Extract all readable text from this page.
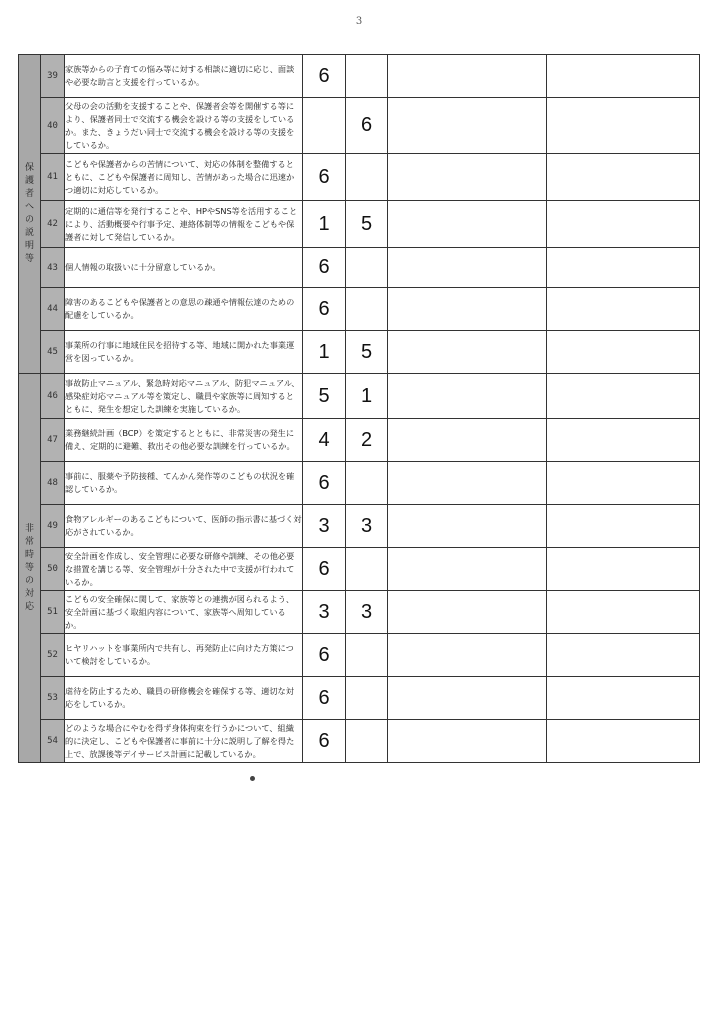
3
保護者への説明等	39	家族等からの子育ての悩み等に対する相談に適切に応じ、面談や必要な助言と支援を行っているか。	6			
	40	父母の会の活動を支援することや、保護者会等を開催する等により、保護者同士で交流する機会を設ける等の支援をしているか。また、きょうだい同士で交流する機会を設ける等の支援をしているか。		6		
	41	こどもや保護者からの苦情について、対応の体制を整備するとともに、こどもや保護者に周知し、苦情があった場合に迅速かつ適切に対応しているか。	6			
	42	定期的に通信等を発行することや、HPやSNS等を活用することにより、活動概要や行事予定、連絡体制等の情報をこどもや保護者に対して発信しているか。	1	5		
	43	個人情報の取扱いに十分留意しているか。	6			
	44	障害のあるこどもや保護者との意思の疎通や情報伝達のための配慮をしているか。	6			
	45	事業所の行事に地域住民を招待する等、地域に開かれた事業運営を図っているか。	1	5		
非常時等の対応	46	事故防止マニュアル、緊急時対応マニュアル、防犯マニュアル、感染症対応マニュアル等を策定し、職員や家族等に周知するとともに、発生を想定した訓練を実施しているか。	5	1		
	47	業務継続計画（BCP）を策定するとともに、非常災害の発生に備え、定期的に避難、救出その他必要な訓練を行っているか。	4	2		
	48	事前に、服薬や予防接種、てんかん発作等のこどもの状況を確認しているか。	6			
	49	食物アレルギーのあるこどもについて、医師の指示書に基づく対応がされているか。	3	3		
	50	安全計画を作成し、安全管理に必要な研修や訓練、その他必要な措置を講じる等、安全管理が十分された中で支援が行われているか。	6			
	51	こどもの安全確保に関して、家族等との連携が図られるよう、安全計画に基づく取組内容について、家族等へ周知しているか。	3	3		
	52	ヒヤリハットを事業所内で共有し、再発防止に向けた方策について検討をしているか。	6			
	53	虐待を防止するため、職員の研修機会を確保する等、適切な対応をしているか。	6			
	54	どのような場合にやむを得ず身体拘束を行うかについて、組織的に決定し、こどもや保護者に事前に十分に説明し了解を得た上で、放課後等デイサービス計画に記載しているか。	6			
